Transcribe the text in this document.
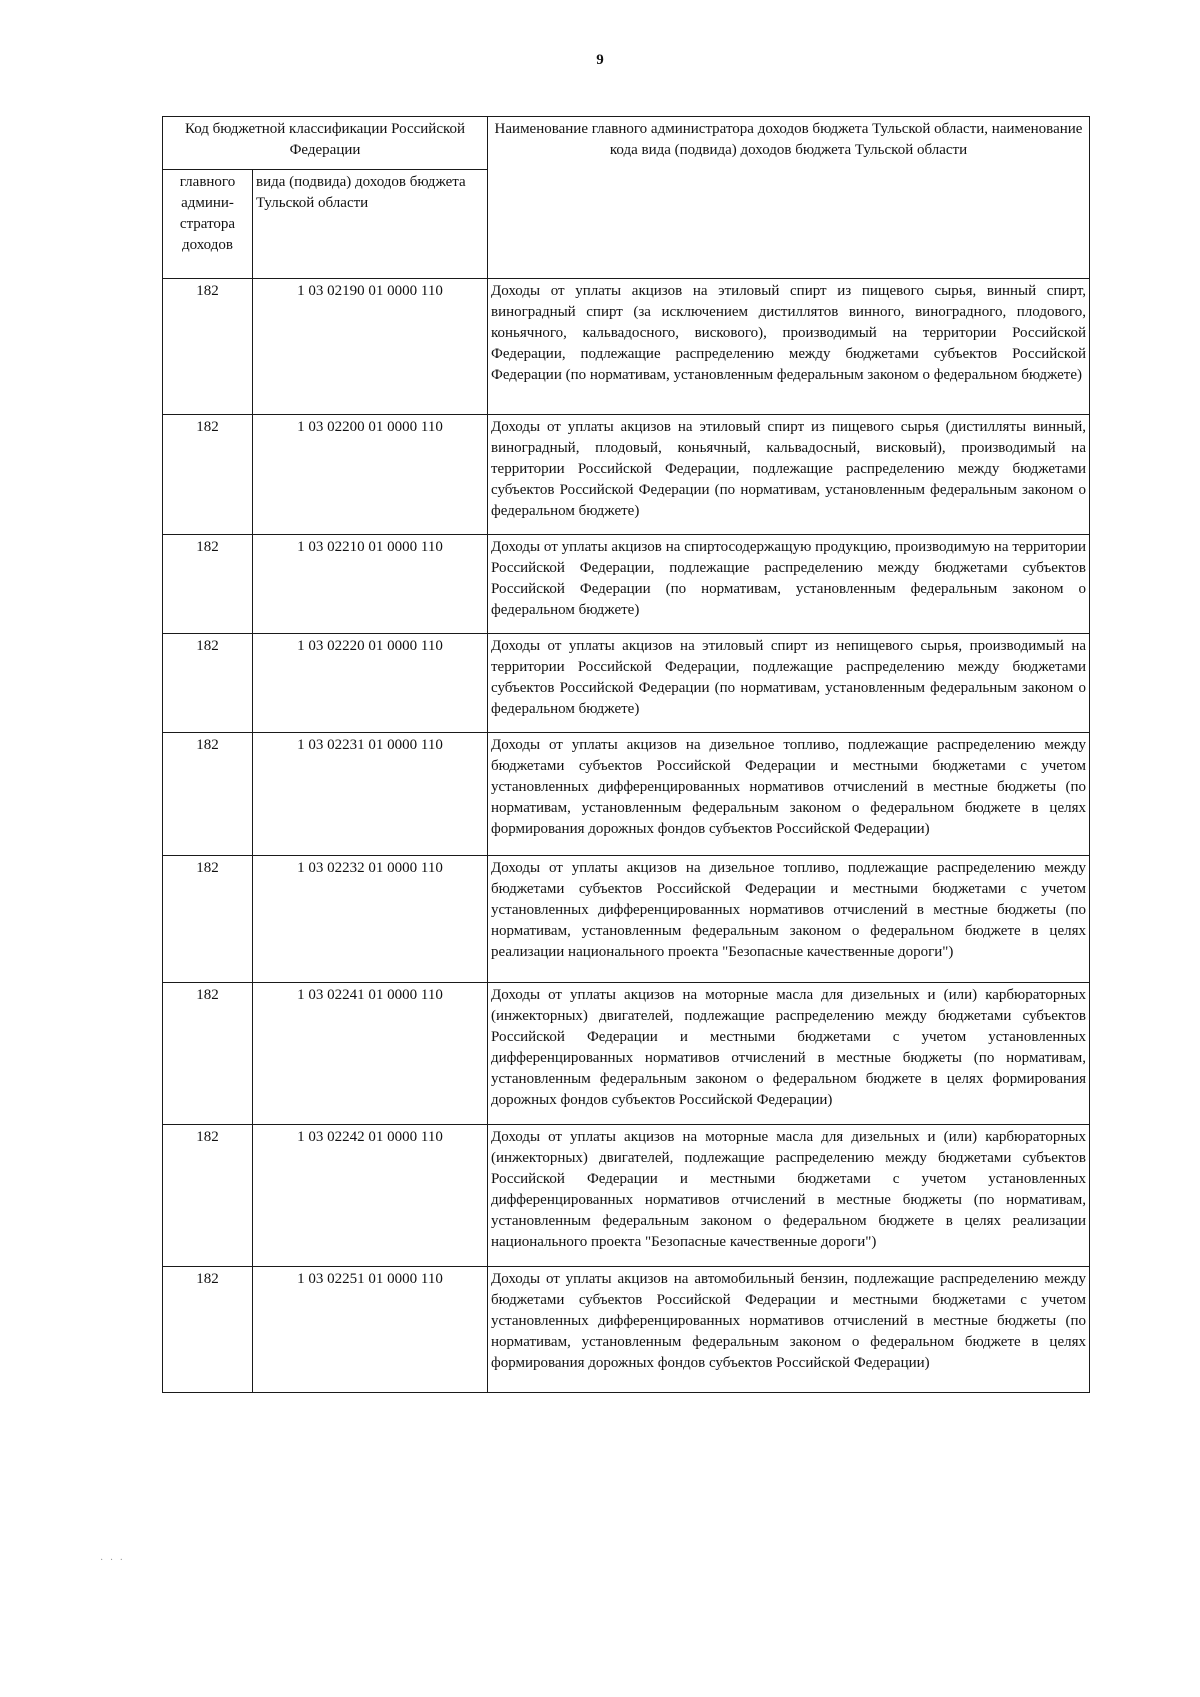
9
Код бюджетной классификации Российской Федерации		Наименование главного администратора доходов бюджета Тульской области, наименование кода вида (подвида) доходов бюджета Тульской области
главного админи-стратора доходов	вида (подвида) доходов бюджета Тульской области	
182	1 03 02190 01 0000 110	Доходы от уплаты акцизов на этиловый спирт из пищевого сырья, винный спирт, виноградный спирт (за исключением дистиллятов винного, виноградного, плодового, коньячного, кальвадосного, вискового), производимый на территории Российской Федерации, подлежащие распределению между бюджетами субъектов Российской Федерации (по нормативам, установленным федеральным законом о федеральном бюджете)
182	1 03 02200 01 0000 110	Доходы от уплаты акцизов на этиловый спирт из пищевого сырья (дистилляты винный, виноградный, плодовый, коньячный, кальвадосный, висковый), производимый на территории Российской Федерации, подлежащие распределению между бюджетами субъектов Российской Федерации (по нормативам, установленным федеральным законом о федеральном бюджете)
182	1 03 02210 01 0000 110	Доходы от уплаты акцизов на спиртосодержащую продукцию, производимую на территории Российской Федерации, подлежащие распределению между бюджетами субъектов Российской Федерации (по нормативам, установленным федеральным законом о федеральном бюджете)
182	1 03 02220 01 0000 110	Доходы от уплаты акцизов на этиловый спирт из непищевого сырья, производимый на территории Российской Федерации, подлежащие распределению между бюджетами субъектов Российской Федерации (по нормативам, установленным федеральным законом о федеральном бюджете)
182	1 03 02231 01 0000 110	Доходы от уплаты акцизов на дизельное топливо, подлежащие распределению между бюджетами субъектов Российской Федерации и местными бюджетами с учетом установленных дифференцированных нормативов отчислений в местные бюджеты (по нормативам, установленным федеральным законом о федеральном бюджете в целях формирования дорожных фондов субъектов Российской Федерации)
182	1 03 02232 01 0000 110	Доходы от уплаты акцизов на дизельное топливо, подлежащие распределению между бюджетами субъектов Российской Федерации и местными бюджетами с учетом установленных дифференцированных нормативов отчислений в местные бюджеты (по нормативам, установленным федеральным законом о федеральном бюджете в целях реализации национального проекта "Безопасные качественные дороги")
182	1 03 02241 01 0000 110	Доходы от уплаты акцизов на моторные масла для дизельных и (или) карбюраторных (инжекторных) двигателей, подлежащие распределению между бюджетами субъектов Российской Федерации и местными бюджетами с учетом установленных дифференцированных нормативов отчислений в местные бюджеты (по нормативам, установленным федеральным законом о федеральном бюджете в целях формирования дорожных фондов субъектов Российской Федерации)
182	1 03 02242 01 0000 110	Доходы от уплаты акцизов на моторные масла для дизельных и (или) карбюраторных (инжекторных) двигателей, подлежащие распределению между бюджетами субъектов Российской Федерации и местными бюджетами с учетом установленных дифференцированных нормативов отчислений в местные бюджеты (по нормативам, установленным федеральным законом о федеральном бюджете в целях реализации национального проекта "Безопасные качественные дороги")
182	1 03 02251 01 0000 110	Доходы от уплаты акцизов на автомобильный бензин, подлежащие распределению между бюджетами субъектов Российской Федерации и местными бюджетами с учетом установленных дифференцированных нормативов отчислений в местные бюджеты (по нормативам, установленным федеральным законом о федеральном бюджете в целях формирования дорожных фондов субъектов Российской Федерации)
· · ·
